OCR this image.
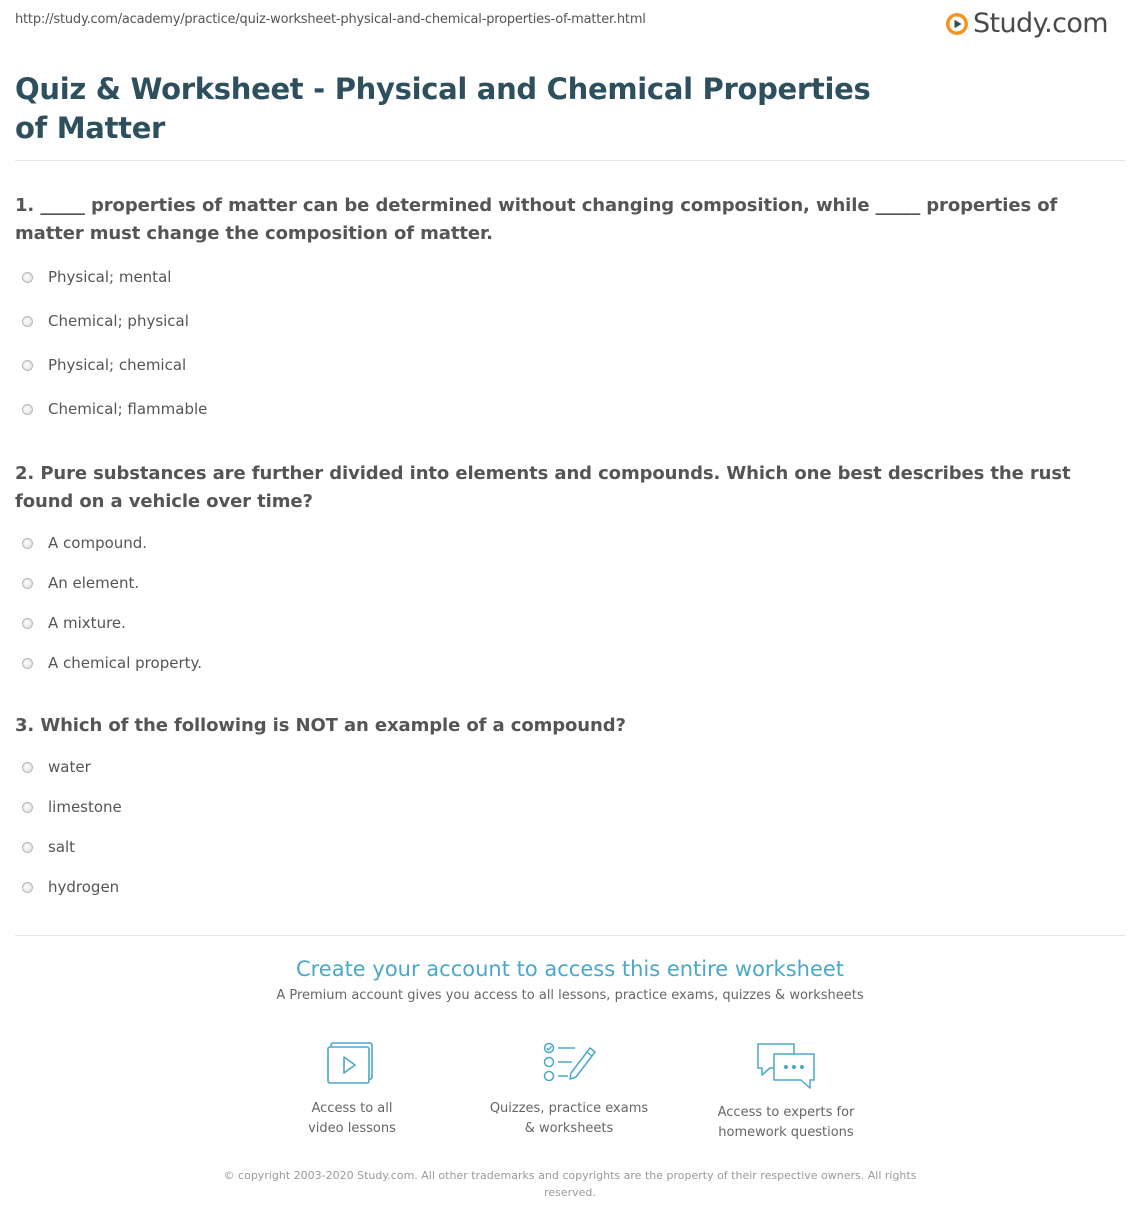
http://study.com/academy/practice/quiz-worksheet-physical-and-chemical-properties-of-matter.html	Study.com
Quiz & Worksheet - Physical and Chemical Properties of Matter

1. _____ properties of matter can be determined without changing composition, while _____ properties of matter must change the composition of matter.

Physical; mental
Chemical; physical
Physical; chemical
Chemical; flammable

2. Pure substances are further divided into elements and compounds. Which one best describes the rust found on a vehicle over time?

A compound.
An element.
A mixture.
A chemical property.

3. Which of the following is NOT an example of a compound?

water
limestone
salt
hydrogen
Create your account to access this entire worksheet
A Premium account gives you access to all lessons, practice exams, quizzes & worksheets
Access to all
video lessons
Quizzes, practice exams
& worksheets
Access to experts for
homework questions
© copyright 2003-2020 Study.com. All other trademarks and copyrights are the property of their respective owners. All rights reserved.
